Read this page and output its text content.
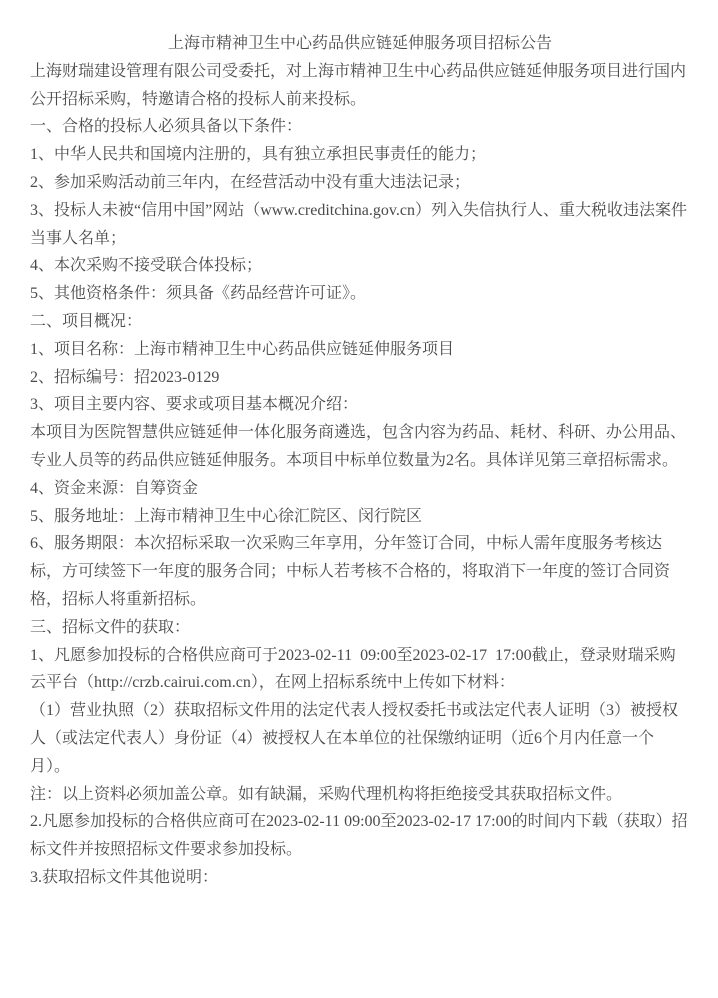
上海市精神卫生中心药品供应链延伸服务项目招标公告

上海财瑞建设管理有限公司受委托，对上海市精神卫生中心药品供应链延伸服务项目进行国内公开招标采购，特邀请合格的投标人前来投标。

一、合格的投标人必须具备以下条件：

1、中华人民共和国境内注册的，具有独立承担民事责任的能力；

2、参加采购活动前三年内，在经营活动中没有重大违法记录；

3、投标人未被“信用中国”网站（www.creditchina.gov.cn）列入失信执行人、重大税收违法案件当事人名单；

4、本次采购不接受联合体投标；

5、其他资格条件：须具备《药品经营许可证》。

二、项目概况：

1、项目名称：上海市精神卫生中心药品供应链延伸服务项目

2、招标编号：招2023-0129

3、项目主要内容、要求或项目基本概况介绍：

本项目为医院智慧供应链延伸一体化服务商遴选，包含内容为药品、耗材、科研、办公用品、专业人员等的药品供应链延伸服务。本项目中标单位数量为2名。具体详见第三章招标需求。

4、资金来源：自筹资金

5、服务地址：上海市精神卫生中心徐汇院区、闵行院区

6、服务期限：本次招标采取一次采购三年享用，分年签订合同，中标人需年度服务考核达标，方可续签下一年度的服务合同；中标人若考核不合格的，将取消下一年度的签订合同资格，招标人将重新招标。

三、招标文件的获取：

1、凡愿参加投标的合格供应商可于2023-02-11  09:00至2023-02-17  17:00截止，登录财瑞采购云平台（http://crzb.cairui.com.cn），在网上招标系统中上传如下材料：

（1）营业执照（2）获取招标文件用的法定代表人授权委托书或法定代表人证明（3）被授权人（或法定代表人）身份证（4）被授权人在本单位的社保缴纳证明（近6个月内任意一个月）。

注：以上资料必须加盖公章。如有缺漏，采购代理机构将拒绝接受其获取招标文件。

2.凡愿参加投标的合格供应商可在2023-02-11 09:00至2023-02-17 17:00的时间内下载（获取）招标文件并按照招标文件要求参加投标。

3.获取招标文件其他说明：
